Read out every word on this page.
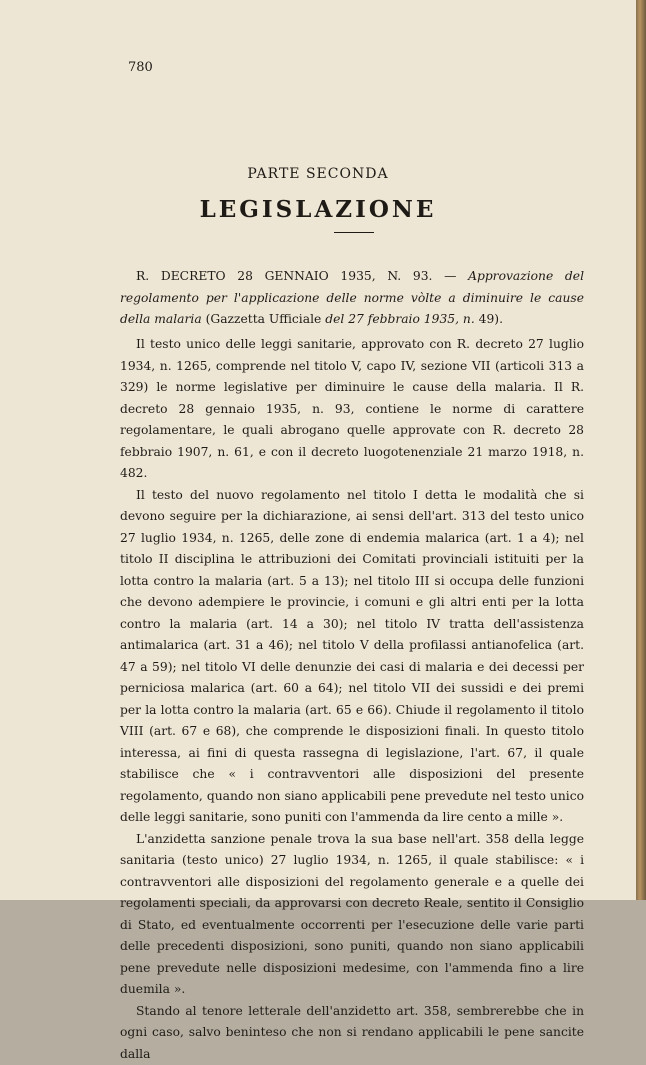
780
PARTE SECONDA
LEGISLAZIONE
R. DECRETO 28 GENNAIO 1935, N. 93. — Approvazione del regolamento per l'applicazione delle norme vòlte a diminuire le cause della malaria (Gazzetta Ufficiale del 27 febbraio 1935, n. 49).

Il testo unico delle leggi sanitarie, approvato con R. decreto 27 luglio 1934, n. 1265, comprende nel titolo V, capo IV, sezione VII (articoli 313 a 329) le norme legislative per diminuire le cause della malaria. Il R. decreto 28 gennaio 1935, n. 93, contiene le norme di carattere regolamentare, le quali abrogano quelle approvate con R. decreto 28 febbraio 1907, n. 61, e con il decreto luogotenenziale 21 marzo 1918, n. 482.

Il testo del nuovo regolamento nel titolo I detta le modalità che si devono seguire per la dichiarazione, ai sensi dell'art. 313 del testo unico 27 luglio 1934, n. 1265, delle zone di endemia malarica (art. 1 a 4); nel titolo II disciplina le attribuzioni dei Comitati provinciali istituiti per la lotta contro la malaria (art. 5 a 13); nel titolo III si occupa delle funzioni che devono adempiere le provincie, i comuni e gli altri enti per la lotta contro la malaria (art. 14 a 30); nel titolo IV tratta dell'assistenza antimalarica (art. 31 a 46); nel titolo V della profilassi antianofelica (art. 47 a 59); nel titolo VI delle denunzie dei casi di malaria e dei decessi per perniciosa malarica (art. 60 a 64); nel titolo VII dei sussidi e dei premi per la lotta contro la malaria (art. 65 e 66). Chiude il regolamento il titolo VIII (art. 67 e 68), che comprende le disposizioni finali. In questo titolo interessa, ai fini di questa rassegna di legislazione, l'art. 67, il quale stabilisce che « i contravventori alle disposizioni del presente regolamento, quando non siano applicabili pene prevedute nel testo unico delle leggi sanitarie, sono puniti con l'ammenda da lire cento a mille ».

L'anzidetta sanzione penale trova la sua base nell'art. 358 della legge sanitaria (testo unico) 27 luglio 1934, n. 1265, il quale stabilisce: « i contravventori alle disposizioni del regolamento generale e a quelle dei regolamenti speciali, da approvarsi con decreto Reale, sentito il Consiglio di Stato, ed eventualmente occorrenti per l'esecuzione delle varie parti delle precedenti disposizioni, sono puniti, quando non siano applicabili pene prevedute nelle disposizioni medesime, con l'ammenda fino a lire duemila ».

Stando al tenore letterale dell'anzidetto art. 358, sembrerebbe che in ogni caso, salvo beninteso che non si rendano applicabili le pene sancite dalla
